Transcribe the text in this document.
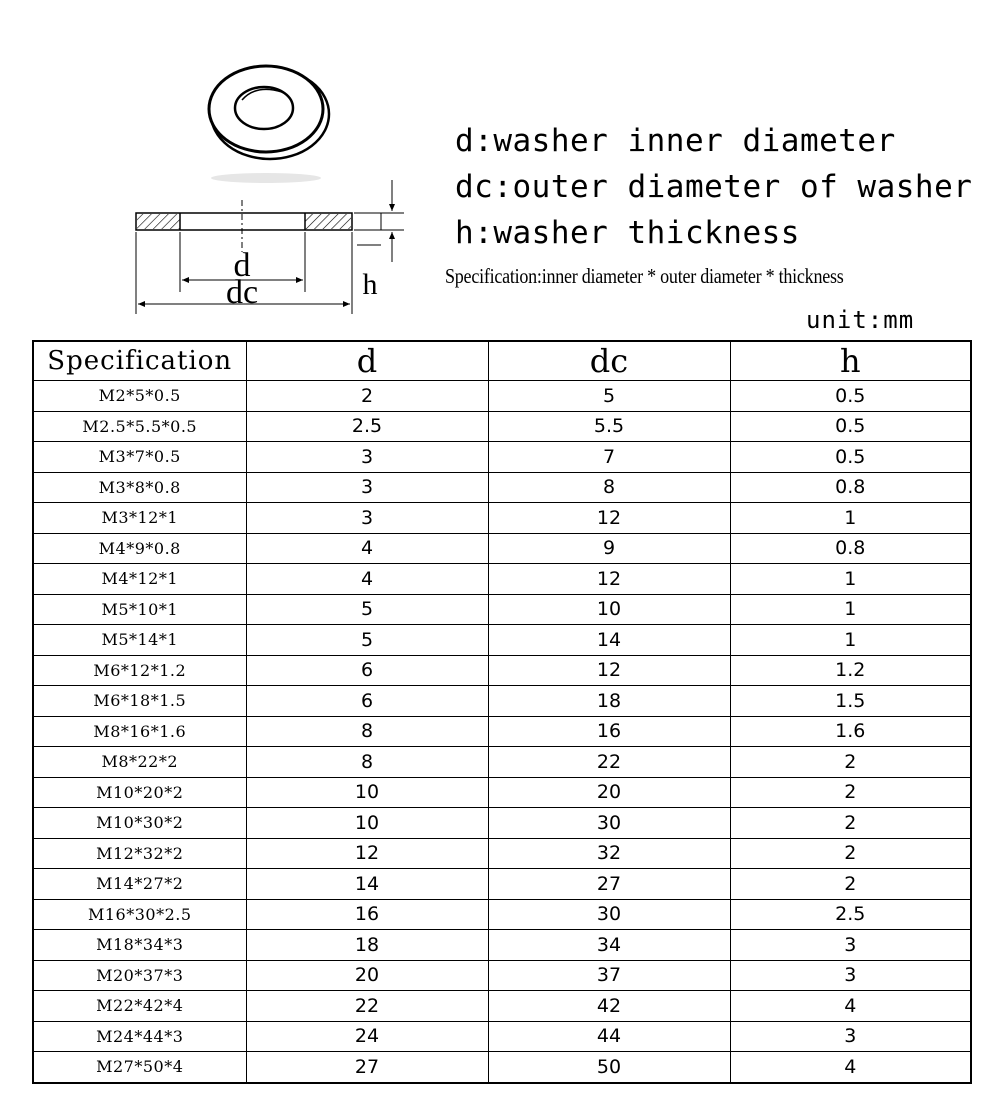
d
dc	h
d:washer inner diameter
dc:outer diameter of washer
h:washer thickness
Specification:inner diameter * outer diameter * thickness
unit:mm
Specification	d	dc	h
M2*5*0.5	2	5	0.5
M2.5*5.5*0.5	2.5	5.5	0.5
M3*7*0.5	3	7	0.5
M3*8*0.8	3	8	0.8
M3*12*1	3	12	1
M4*9*0.8	4	9	0.8
M4*12*1	4	12	1
M5*10*1	5	10	1
M5*14*1	5	14	1
M6*12*1.2	6	12	1.2
M6*18*1.5	6	18	1.5
M8*16*1.6	8	16	1.6
M8*22*2	8	22	2
M10*20*2	10	20	2
M10*30*2	10	30	2
M12*32*2	12	32	2
M14*27*2	14	27	2
M16*30*2.5	16	30	2.5
M18*34*3	18	34	3
M20*37*3	20	37	3
M22*42*4	22	42	4
M24*44*3	24	44	3
M27*50*4	27	50	4
